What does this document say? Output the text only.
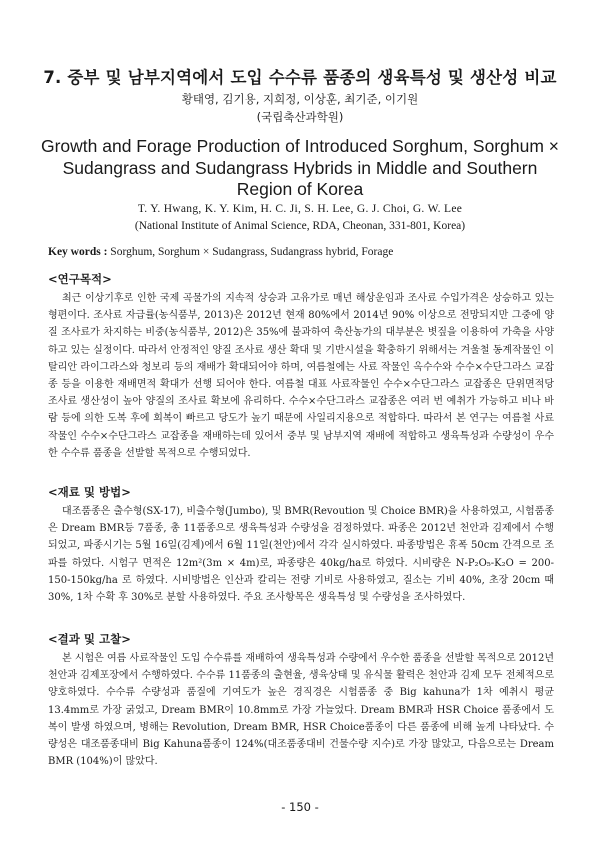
7. 중부 및 남부지역에서 도입 수수류 품종의 생육특성 및 생산성 비교
황태영, 김기용, 지희정, 이상훈, 최기준, 이기원
(국립축산과학원)
Growth and Forage Production of Introduced Sorghum, Sorghum × Sudangrass and Sudangrass Hybrids in Middle and Southern Region of Korea
T. Y. Hwang, K. Y. Kim, H. C. Ji, S. H. Lee, G. J. Choi, G. W. Lee
(National Institute of Animal Science, RDA, Cheonan, 331-801, Korea)
Key words : Sorghum, Sorghum × Sudangrass, Sudangrass hybrid, Forage
<연구목적>

최근 이상기후로 인한 국제 곡물가의 지속적 상승과 고유가로 매년 해상운임과 조사료 수입가격은 상승하고 있는 형편이다. 조사료 자급률(농식품부, 2013)은 2012년 현재 80%에서 2014년 90% 이상으로 전망되지만 그중에 양질 조사료가 차지하는 비중(농식품부, 2012)은 35%에 불과하여 축산농가의 대부분은 볏짚을 이용하여 가축을 사양하고 있는 실정이다. 따라서 안정적인 양질 조사료 생산 확대 및 기반시설을 확충하기 위해서는 겨울철 동계작물인 이탈리안 라이그라스와 청보리 등의 재배가 확대되어야 하며, 여름철에는 사료 작물인 옥수수와 수수×수단그라스 교잡종 등을 이용한 재배면적 확대가 선행 되어야 한다. 여름철 대표 사료작물인 수수×수단그라스 교잡종은 단위면적당 조사료 생산성이 높아 양질의 조사료 확보에 유리하다. 수수×수단그라스 교잡종은 여러 번 예취가 가능하고 비나 바람 등에 의한 도복 후에 회복이 빠르고 당도가 높기 때문에 사일리지용으로 적합하다. 따라서 본 연구는 여름철 사료작물인 수수×수단그라스 교잡종을 재배하는데 있어서 중부 및 남부지역 재배에 적합하고 생육특성과 수량성이 우수한 수수류 품종을 선발할 목적으로 수행되었다.

<재료 및 방법>

대조품종은 출수형(SX-17), 비출수형(Jumbo), 및 BMR(Revoution 및 Choice BMR)을 사용하였고, 시험품종은 Dream BMR등 7품종, 총 11품종으로 생육특성과 수량성을 검정하였다. 파종은 2012년 천안과 김제에서 수행되었고, 파종시기는 5월 16일(김제)에서 6월 11일(천안)에서 각각 실시하였다. 파종방법은 휴폭 50cm 간격으로 조파를 하였다. 시험구 면적은 12m²(3m × 4m)로, 파종량은 40kg/ha로 하였다. 시비량은 N-P₂O₅-K₂O = 200-150-150kg/ha 로 하였다. 시비방법은 인산과 칼리는 전량 기비로 사용하였고, 질소는 기비 40%, 초장 20cm 때 30%, 1차 수확 후 30%로 분할 사용하였다. 주요 조사항목은 생육특성 및 수량성을 조사하였다.

<결과 및 고찰>

본 시험은 여름 사료작물인 도입 수수류를 재배하여 생육특성과 수량에서 우수한 품종을 선발할 목적으로 2012년 천안과 김제포장에서 수행하였다. 수수류 11품종의 출현율, 생육상태 및 유식물 활력은 천안과 김제 모두 전체적으로 양호하였다. 수수류 수량성과 품질에 기여도가 높은 경직경은 시험품종 중 Big kahuna가 1차 예취시 평균 13.4mm로 가장 굵었고, Dream BMR이 10.8mm로 가장 가늘었다. Dream BMR과 HSR Choice 품종에서 도복이 발생 하였으며, 병해는 Revolution, Dream BMR, HSR Choice품종이 다른 품종에 비해 높게 나타났다. 수량성은 대조품종대비 Big Kahuna품종이 124%(대조품종대비 건물수량 지수)로 가장 많았고, 다음으로는 Dream BMR (104%)이 많았다.

- 150 -
